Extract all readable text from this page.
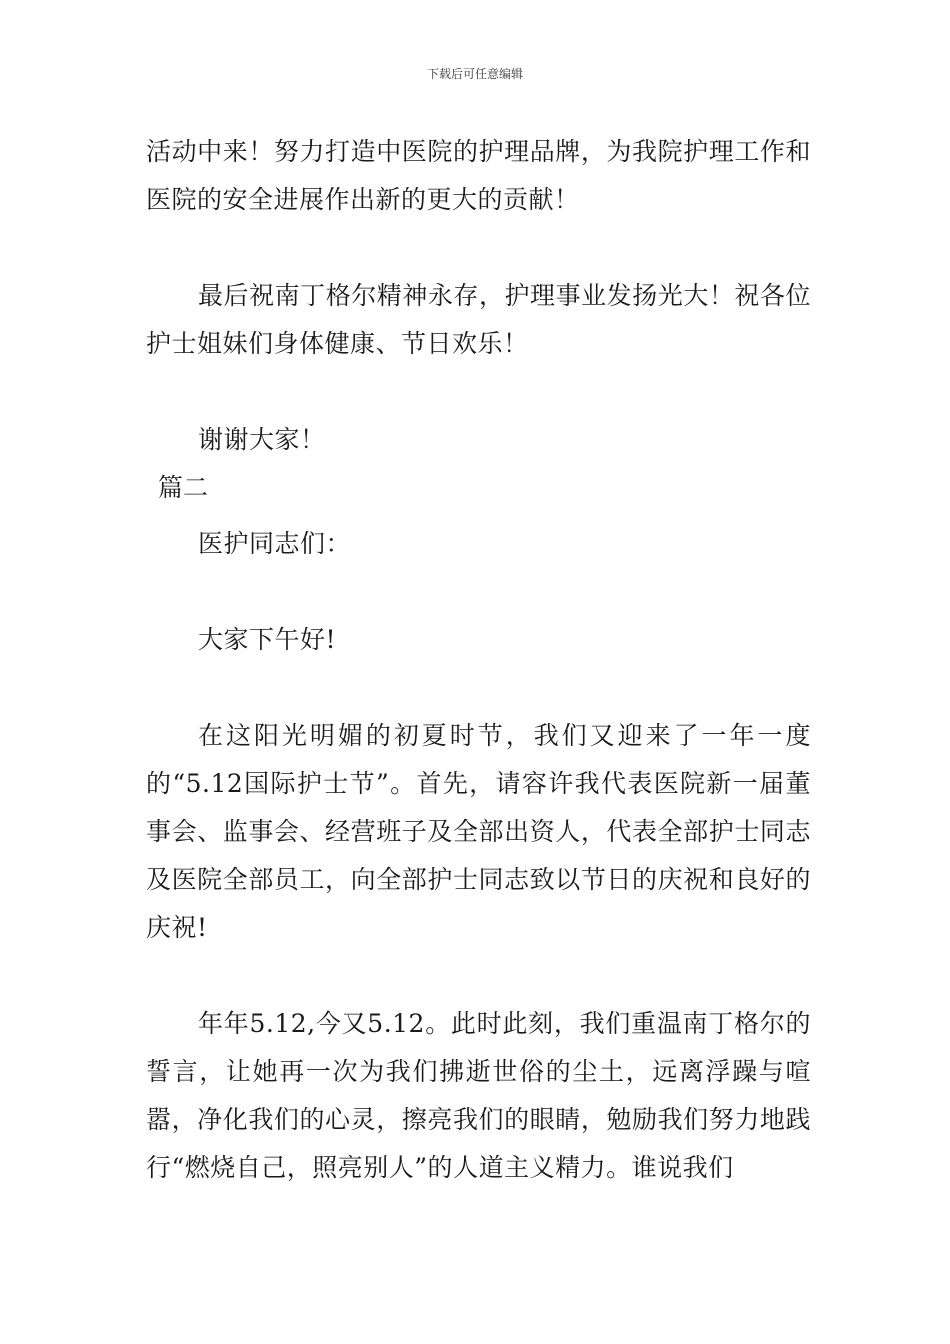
下载后可任意编辑

活动中来！努力打造中医院的护理品牌，为我院护理工作和医院的安全进展作出新的更大的贡献！

最后祝南丁格尔精神永存，护理事业发扬光大！祝各位护士姐妹们身体健康、节日欢乐！

谢谢大家！

篇二

医护同志们：

大家下午好!

在这阳光明媚的初夏时节，我们又迎来了一年一度的“5.12国际护士节”。首先，请容许我代表医院新一届董事会、监事会、经营班子及全部出资人，代表全部护士同志及医院全部员工，向全部护士同志致以节日的庆祝和良好的庆祝!

年年5.12,今又5.12。此时此刻，我们重温南丁格尔的誓言，让她再一次为我们拂逝世俗的尘土，远离浮躁与喧嚣，净化我们的心灵，擦亮我们的眼睛，勉励我们努力地践行“燃烧自己，照亮别人”的人道主义精力。谁说我们
